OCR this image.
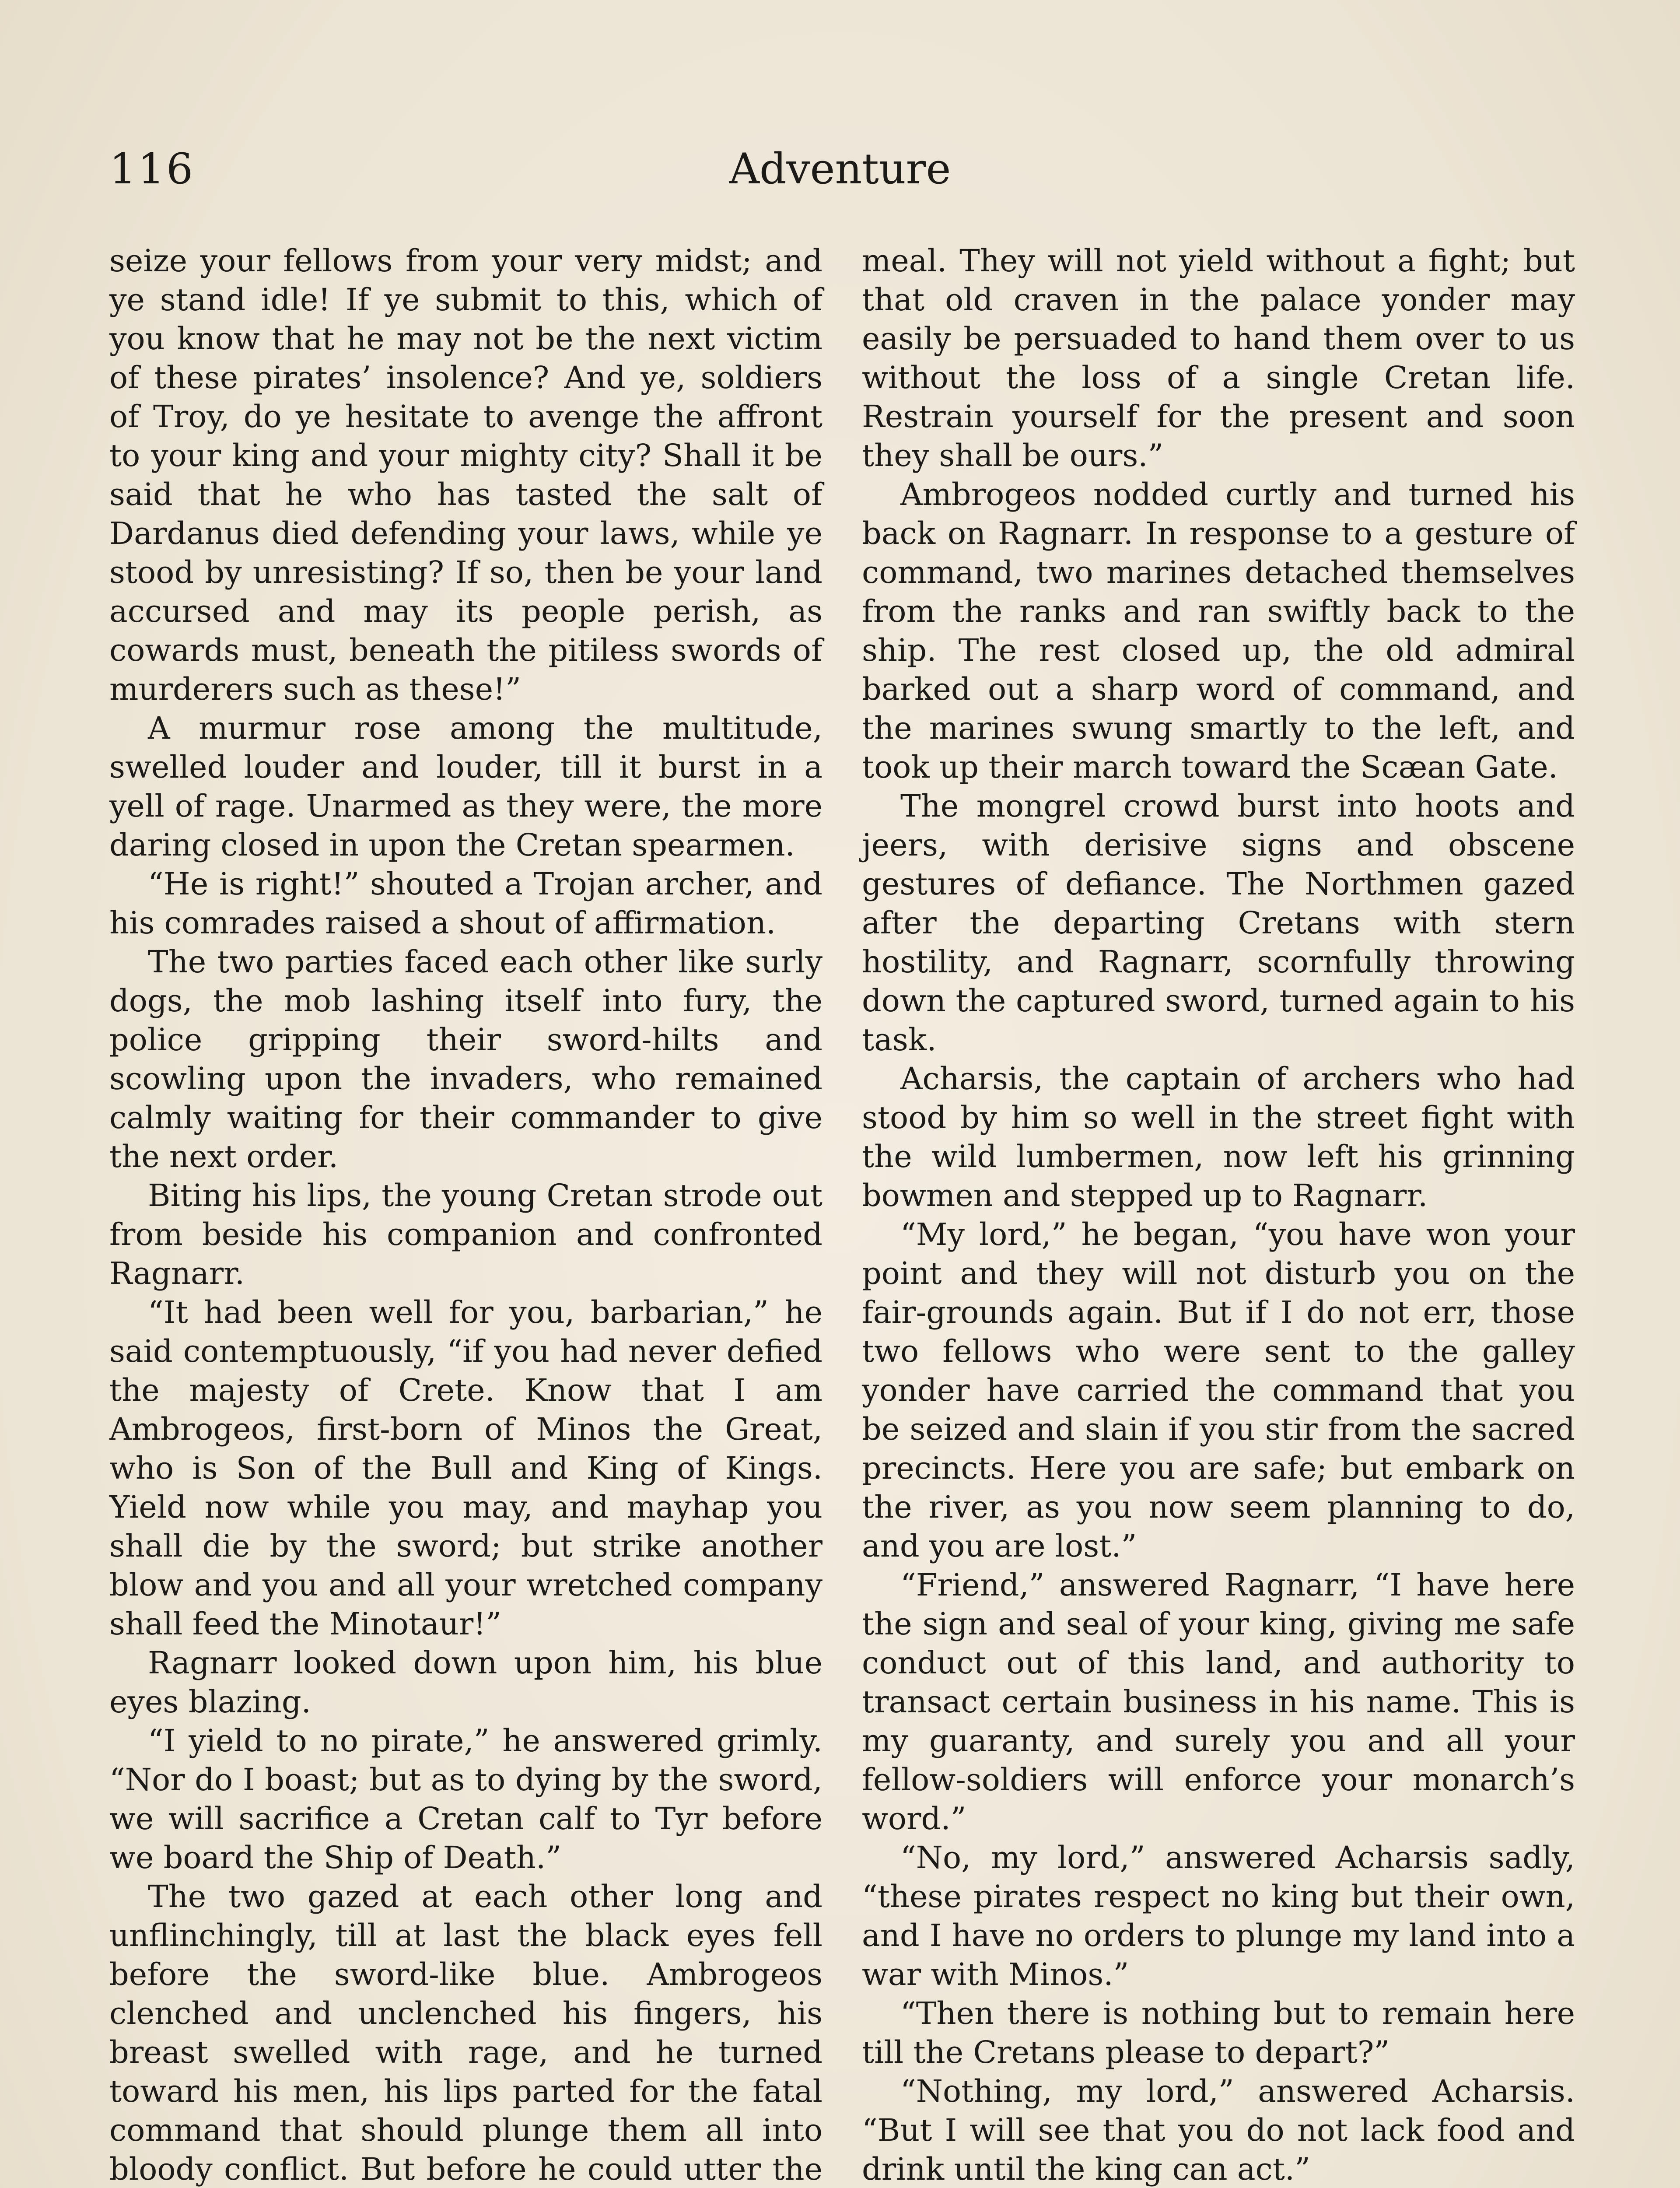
116	Adventure

seize your fellows from your very midst; and ye stand idle! If ye submit to this, which of you know that he may not be the next victim of these pirates’ insolence? And ye, soldiers of Troy, do ye hesitate to avenge the affront to your king and your mighty city? Shall it be said that he who has tasted the salt of Dardanus died defending your laws, while ye stood by unresisting? If so, then be your land accursed and may its people perish, as cowards must, beneath the pitiless swords of murderers such as these!”

A murmur rose among the multitude, swelled louder and louder, till it burst in a yell of rage. Unarmed as they were, the more daring closed in upon the Cretan spearmen.

“He is right!” shouted a Trojan archer, and his comrades raised a shout of affirmation.

The two parties faced each other like surly dogs, the mob lashing itself into fury, the police gripping their sword-hilts and scowling upon the invaders, who remained calmly waiting for their commander to give the next order.

Biting his lips, the young Cretan strode out from beside his companion and confronted Ragnarr.

“It had been well for you, barbarian,” he said contemptuously, “if you had never defied the majesty of Crete. Know that I am Ambrogeos, first-born of Minos the Great, who is Son of the Bull and King of Kings. Yield now while you may, and mayhap you shall die by the sword; but strike another blow and you and all your wretched company shall feed the Minotaur!”

Ragnarr looked down upon him, his blue eyes blazing.

“I yield to no pirate,” he answered grimly. “Nor do I boast; but as to dying by the sword, we will sacrifice a Cretan calf to Tyr before we board the Ship of Death.”

The two gazed at each other long and unflinchingly, till at last the black eyes fell before the sword-like blue. Ambrogeos clenched and unclenched his fingers, his breast swelled with rage, and he turned toward his men, his lips parted for the fatal command that should plunge them all into bloody conflict. But before he could utter the

meal. They will not yield without a fight; but that old craven in the palace yonder may easily be persuaded to hand them over to us without the loss of a single Cretan life. Restrain yourself for the present and soon they shall be ours.”

Ambrogeos nodded curtly and turned his back on Ragnarr. In response to a gesture of command, two marines detached themselves from the ranks and ran swiftly back to the ship. The rest closed up, the old admiral barked out a sharp word of command, and the marines swung smartly to the left, and took up their march toward the Scæan Gate.

The mongrel crowd burst into hoots and jeers, with derisive signs and obscene gestures of defiance. The Northmen gazed after the departing Cretans with stern hostility, and Ragnarr, scornfully throwing down the captured sword, turned again to his task.

Acharsis, the captain of archers who had stood by him so well in the street fight with the wild lumbermen, now left his grinning bowmen and stepped up to Ragnarr.

“My lord,” he began, “you have won your point and they will not disturb you on the fair-grounds again. But if I do not err, those two fellows who were sent to the galley yonder have carried the command that you be seized and slain if you stir from the sacred precincts. Here you are safe; but embark on the river, as you now seem planning to do, and you are lost.”

“Friend,” answered Ragnarr, “I have here the sign and seal of your king, giving me safe conduct out of this land, and authority to transact certain business in his name. This is my guaranty, and surely you and all your fellow-soldiers will enforce your monarch’s word.”

“No, my lord,” answered Acharsis sadly, “these pirates respect no king but their own, and I have no orders to plunge my land into a war with Minos.”

“Then there is nothing but to remain here till the Cretans please to depart?”

“Nothing, my lord,” answered Acharsis. “But I will see that you do not lack food and drink until the king can act.”
